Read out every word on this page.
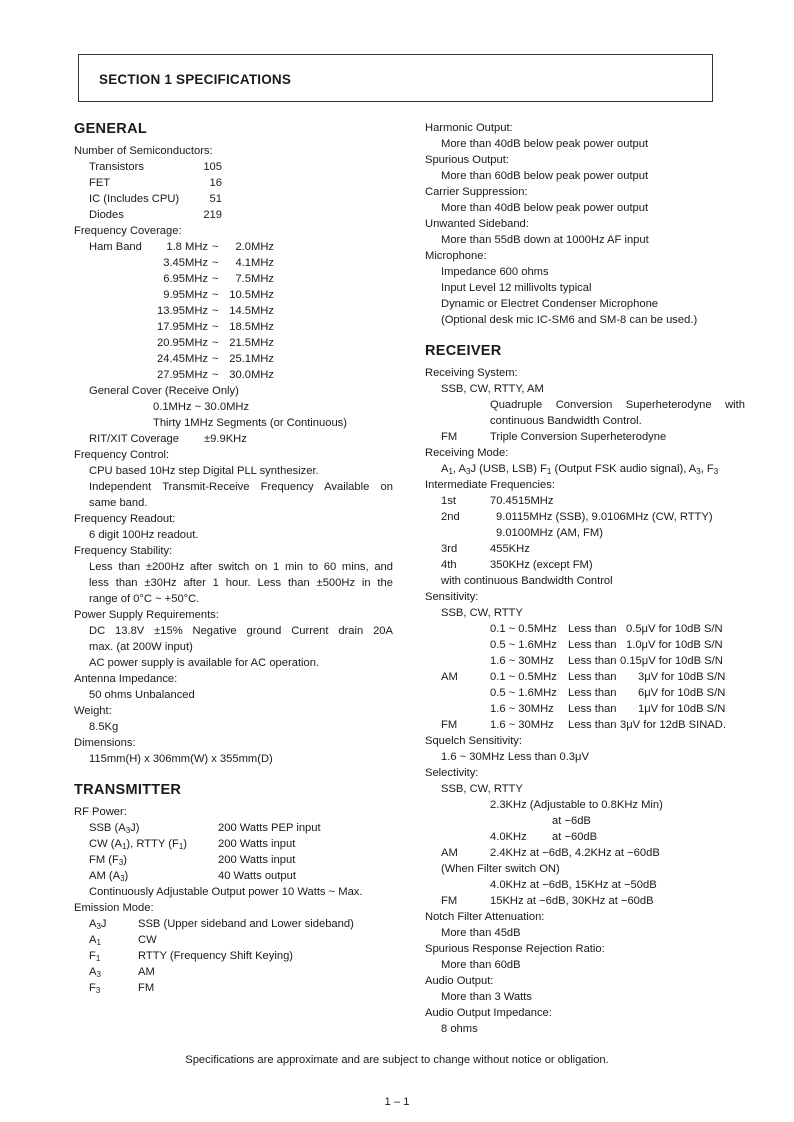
SECTION 1 SPECIFICATIONS
GENERAL
Number of Semiconductors:
Transistors	105
FET	16
IC (Includes CPU)	51
Diodes	219
Frequency Coverage:
Ham Band	1.8 MHz ~	2.0MHz
3.45MHz ~	4.1MHz
6.95MHz ~	7.5MHz
9.95MHz ~ 10.5MHz
13.95MHz ~ 14.5MHz
17.95MHz ~ 18.5MHz
20.95MHz ~ 21.5MHz
24.45MHz ~ 25.1MHz
27.95MHz ~ 30.0MHz
General Cover (Receive Only)
0.1MHz ~ 30.0MHz
Thirty 1MHz Segments (or Continuous)
RIT/XIT Coverage ±9.9KHz
Frequency Control:
CPU based 10Hz step Digital PLL synthesizer.
Independent Transmit-Receive Frequency Available on
same band.
Frequency Readout:
6 digit 100Hz readout.
Frequency Stability:
Less than ±200Hz after switch on 1 min to 60 mins, and
less than ±30Hz after 1 hour. Less than ±500Hz in the
range of 0°C ~ +50°C.
Power Supply Requirements:
DC 13.8V ±15% Negative ground Current drain 20A
max. (at 200W input)
AC power supply is available for AC operation.
Antenna Impedance:
50 ohms Unbalanced
Weight:
8.5Kg
Dimensions:
115mm(H) x 306mm(W) x 355mm(D)
TRANSMITTER
RF Power:
SSB $(A_3J)$	200 Watts PEP input
CW $(A_1)$, RTTY $(F_1)$	200 Watts input
FM $(F_3)$	200 Watts input
AM $(A_3)$	40 Watts output
Continuously Adjustable Output power 10 Watts ~ Max.
Emission Mode:
$A_3J$	SSB (Upper sideband and Lower sideband)
$A_1$	CW
$F_1$	RTTY (Frequency Shift Keying)
$A_3$	AM
$F_3$	FM
Harmonic Output:
More than 40dB below peak power output
Spurious Output:
More than 60dB below peak power output
Carrier Suppression:
More than 40dB below peak power output
Unwanted Sideband:
More than 55dB down at 1000Hz AF input
Microphone:
Impedance 600 ohms
Input Level 12 millivolts typical
Dynamic or Electret Condenser Microphone
(Optional desk mic IC-SM6 and SM-8 can be used.)
RECEIVER
Receiving System:
SSB, CW, RTTY, AM
Quadruple Conversion Superheterodyne with
continuous Bandwidth Control.
FM	Triple Conversion Superheterodyne
Receiving Mode:
$A_1$, $A_3J$ (USB, LSB) $F_1$ (Output FSK audio signal), $A_3$, $F_3$
Intermediate Frequencies:
1st	70.4515MHz
2nd	9.0115MHz (SSB), 9.0106MHz (CW, RTTY)
9.0100MHz (AM, FM)
3rd	455KHz
4th	350KHz (except FM)
with continuous Bandwidth Control
Sensitivity:
SSB, CW, RTTY
0.1 ~ 0.5MHz Less than 0.5μV for 10dB S/N
0.5 ~ 1.6MHz Less than 1.0μV for 10dB S/N
1.6 ~ 30MHz Less than 0.15μV for 10dB S/N
AM	0.1 ~ 0.5MHz Less than 3μV for 10dB S/N
0.5 ~ 1.6MHz Less than 6μV for 10dB S/N
1.6 ~ 30MHz Less than 1μV for 10dB S/N
FM	1.6 ~ 30MHz Less than 3μV for 12dB SINAD.
Squelch Sensitivity:
1.6 ~ 30MHz Less than 0.3μV
Selectivity:
SSB, CW, RTTY
2.3KHz (Adjustable to 0.8KHz Min)
at −6dB
4.0KHz at −60dB
AM	2.4KHz at −6dB, 4.2KHz at −60dB
(When Filter switch ON)
4.0KHz at −6dB, 15KHz at −50dB
FM	15KHz at −6dB, 30KHz at −60dB
Notch Filter Attenuation:
More than 45dB
Spurious Response Rejection Ratio:
More than 60dB
Audio Output:
More than 3 Watts
Audio Output Impedance:
8 ohms
Specifications are approximate and are subject to change without notice or obligation.
1 – 1
